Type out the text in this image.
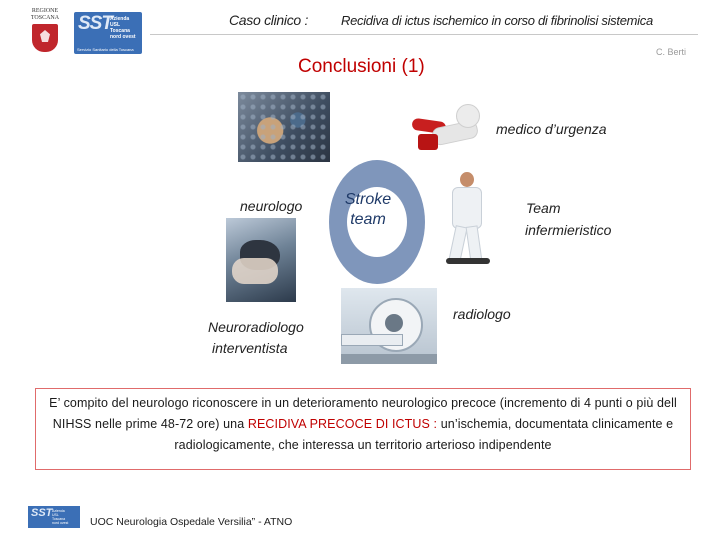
REGIONE TOSCANA SST
Azienda
USL
Toscana
nord ovest
Servizio Sanitario della Toscana
Caso clinico :	Recidiva di ictus ischemico in corso di fibrinolisi sistemica
C. Berti
Conclusioni (1)
Stroke
team
medico d’urgenza
neurologo	Team
infermieristico
radiologo
Neuroradiologo
interventista
E’ compito del neurologo riconoscere in un deterioramento neurologico precoce (incremento di 4 punti o più dell NIHSS nelle prime 48-72 ore) una RECIDIVA PRECOCE DI ICTUS : un’ischemia, documentata clinicamente e radiologicamente, che interessa un territorio arterioso indipendente
SST Azienda
USL
Toscana
nord ovest UOC Neurologia Ospedale Versilia” - ATNO
